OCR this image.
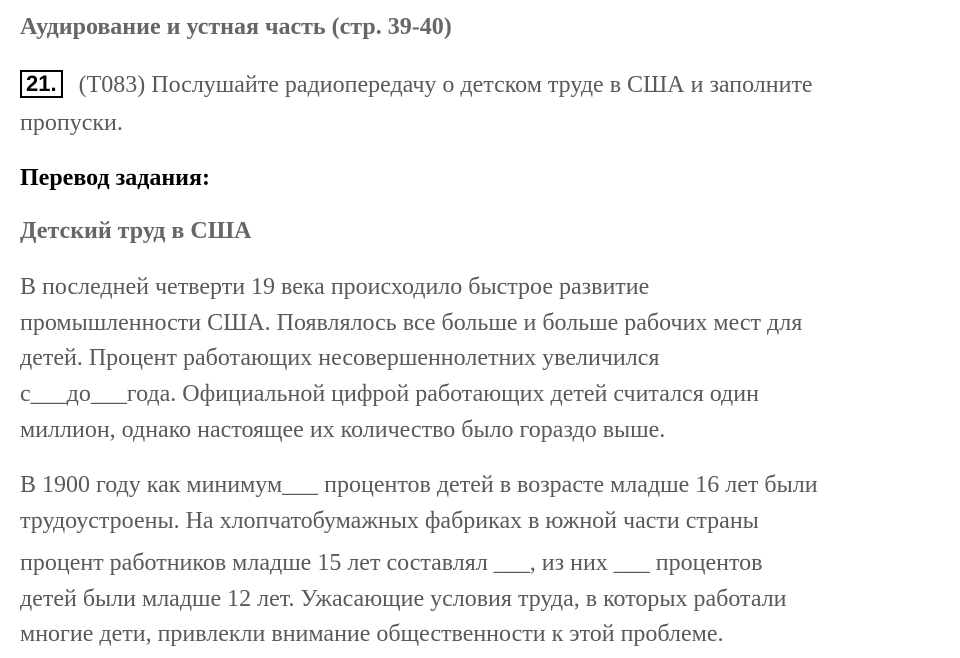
Аудирование и устная часть (стр. 39-40)
21. (Т083) Послушайте радиопередачу о детском труде в США и заполните
пропуски.
Перевод задания:
Детский труд в США
В последней четверти 19 века происходило быстрое развитие
промышленности США. Появлялось все больше и больше рабочих мест для
детей. Процент работающих несовершеннолетних увеличился
с___до___года. Официальной цифрой работающих детей считался один
миллион, однако настоящее их количество было гораздо выше.
В 1900 году как минимум___ процентов детей в возрасте младше 16 лет были
трудоустроены. На хлопчатобумажных фабриках в южной части страны
процент работников младше 15 лет составлял ___, из них ___ процентов
детей были младше 12 лет. Ужасающие условия труда, в которых работали
многие дети, привлекли внимание общественности к этой проблеме.
